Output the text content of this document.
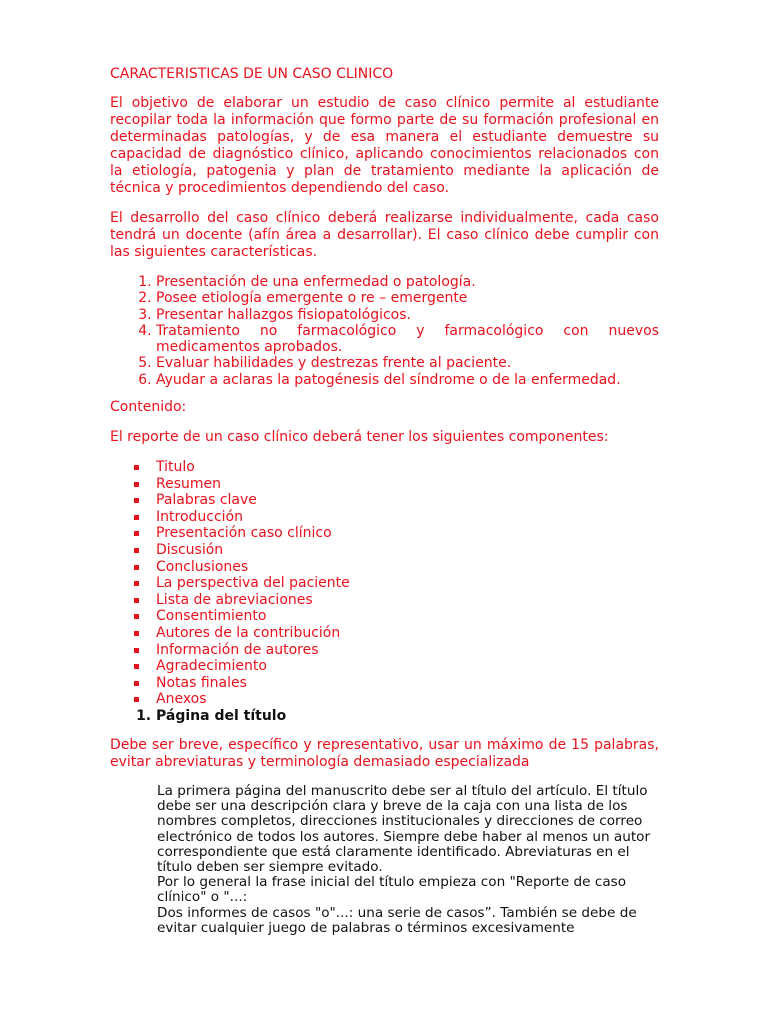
CARACTERISTICAS DE UN CASO CLINICO

El objetivo de elaborar un estudio de caso clínico permite al estudiante recopilar toda la información que formo parte de su formación profesional en determinadas patologías, y de esa manera el estudiante demuestre su capacidad de diagnóstico clínico, aplicando conocimientos relacionados con la etiología, patogenia y plan de tratamiento mediante la aplicación de técnica y procedimientos dependiendo del caso.

El desarrollo del caso clínico deberá realizarse individualmente, cada caso tendrá un docente (afín área a desarrollar). El caso clínico debe cumplir con las siguientes características.

1. Presentación de una enfermedad o patología.
2. Posee etiología emergente o re – emergente
3. Presentar hallazgos fisiopatológicos.
4. Tratamiento no farmacológico y farmacológico con nuevos medicamentos aprobados.
5. Evaluar habilidades y destrezas frente al paciente.
6. Ayudar a aclaras la patogénesis del síndrome o de la enfermedad.

Contenido:

El reporte de un caso clínico deberá tener los siguientes componentes:

Titulo
Resumen
Palabras clave
Introducción
Presentación caso clínico
Discusión
Conclusiones
La perspectiva del paciente
Lista de abreviaciones
Consentimiento
Autores de la contribución
Información de autores
Agradecimiento
Notas finales
Anexos
1. Página del título

Debe ser breve, específico y representativo, usar un máximo de 15 palabras, evitar abreviaturas y terminología demasiado especializada

La primera página del manuscrito debe ser al título del artículo. El título debe ser una descripción clara y breve de la caja con una lista de los nombres completos, direcciones institucionales y direcciones de correo electrónico de todos los autores. Siempre debe haber al menos un autor correspondiente que está claramente identificado. Abreviaturas en el título deben ser siempre evitado.

Por lo general la frase inicial del título empieza con "Reporte de caso clínico" o "...:

Dos informes de casos "o"...: una serie de casos”. También se debe de evitar cualquier juego de palabras o términos excesivamente
